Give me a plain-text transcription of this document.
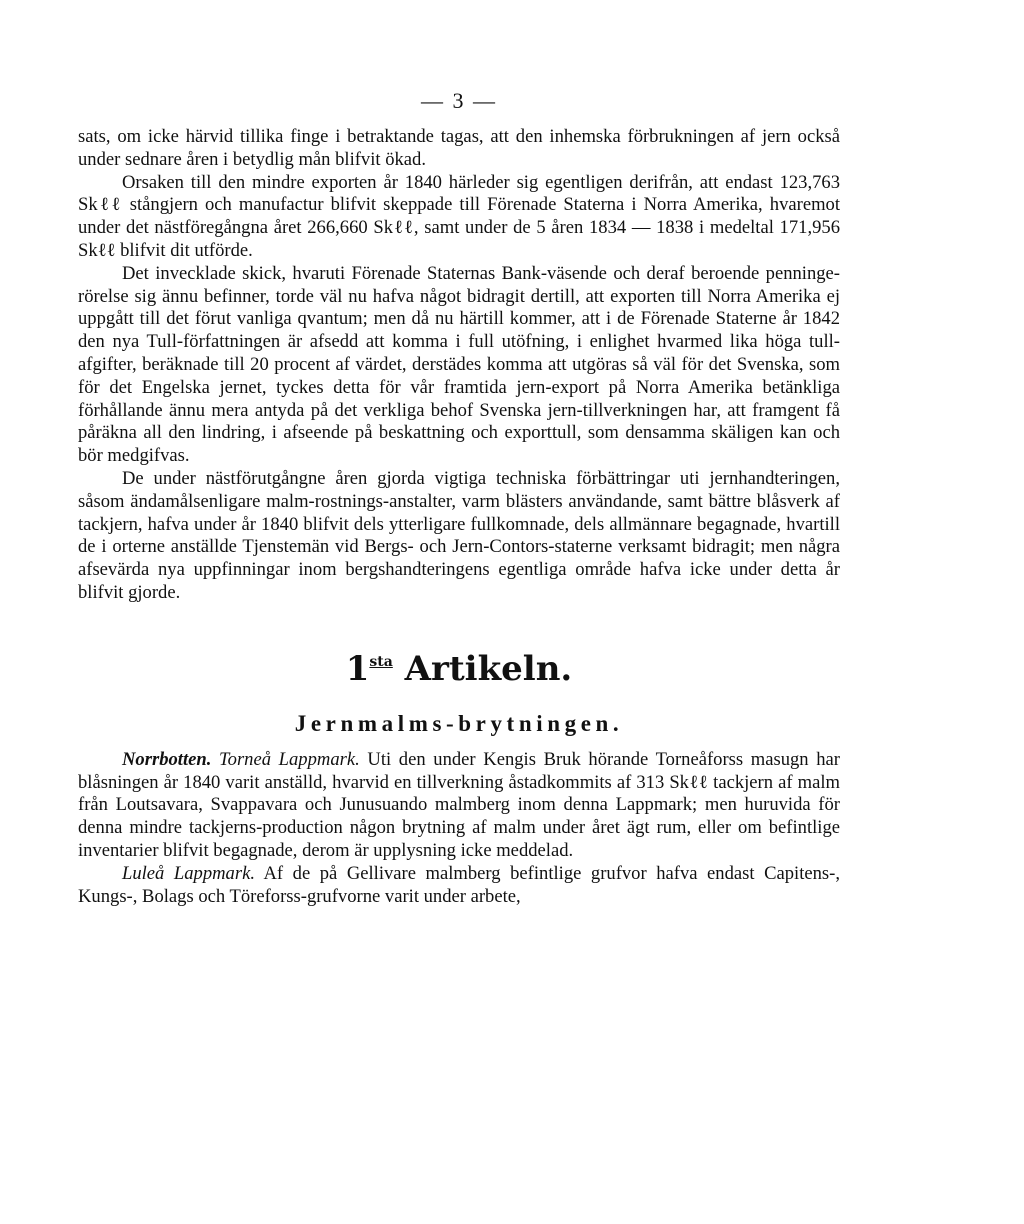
— 3 —

sats, om icke härvid tillika finge i betraktande tagas, att den inhemska förbrukningen af jern också under sednare åren i betydlig mån blifvit ökad.

Orsaken till den mindre exporten år 1840 härleder sig egentligen derifrån, att endast 123,763 Skℓℓ stångjern och manufactur blifvit skeppade till Förenade Staterna i Norra Amerika, hvaremot under det nästföregångna året 266,660 Skℓℓ, samt under de 5 åren 1834 — 1838 i medeltal 171,956 Skℓℓ blifvit dit utförde.

Det invecklade skick, hvaruti Förenade Staternas Bank-väsende och deraf beroende penninge-rörelse sig ännu befinner, torde väl nu hafva något bidragit dertill, att exporten till Norra Amerika ej uppgått till det förut vanliga qvantum; men då nu härtill kommer, att i de Förenade Staterne år 1842 den nya Tull-författningen är afsedd att komma i full utöfning, i enlighet hvarmed lika höga tull-afgifter, beräknade till 20 procent af värdet, derstädes komma att utgöras så väl för det Svenska, som för det Engelska jernet, tyckes detta för vår framtida jern-export på Norra Amerika betänkliga förhållande ännu mera antyda på det verkliga behof Svenska jern-tillverkningen har, att framgent få påräkna all den lindring, i afseende på beskattning och exporttull, som densamma skäligen kan och bör medgifvas.

De under nästförutgångne åren gjorda vigtiga techniska förbättringar uti jernhandteringen, såsom ändamålsenligare malm-rostnings-anstalter, varm blästers användande, samt bättre blåsverk af tackjern, hafva under år 1840 blifvit dels ytterligare fullkomnade, dels allmännare begagnade, hvartill de i orterne anställde Tjenstemän vid Bergs- och Jern-Contors-staterne verksamt bidragit; men några afsevärda nya uppfinningar inom bergshandteringens egentliga område hafva icke under detta år blifvit gjorde.

$1^{sta}$ Artikeln.
Jernmalms-brytningen.

Norrbotten. Torneå Lappmark. Uti den under Kengis Bruk hörande Torneåforss masugn har blåsningen år 1840 varit anställd, hvarvid en tillverkning åstadkommits af 313 Skℓℓ tackjern af malm från Loutsavara, Svappavara och Junusuando malmberg inom denna Lappmark; men huruvida för denna mindre tackjerns-production någon brytning af malm under året ägt rum, eller om befintlige inventarier blifvit begagnade, derom är upplysning icke meddelad.

Luleå Lappmark. Af de på Gellivare malmberg befintlige grufvor hafva endast Capitens-, Kungs-, Bolags och Töreforss-grufvorne varit under arbete,
